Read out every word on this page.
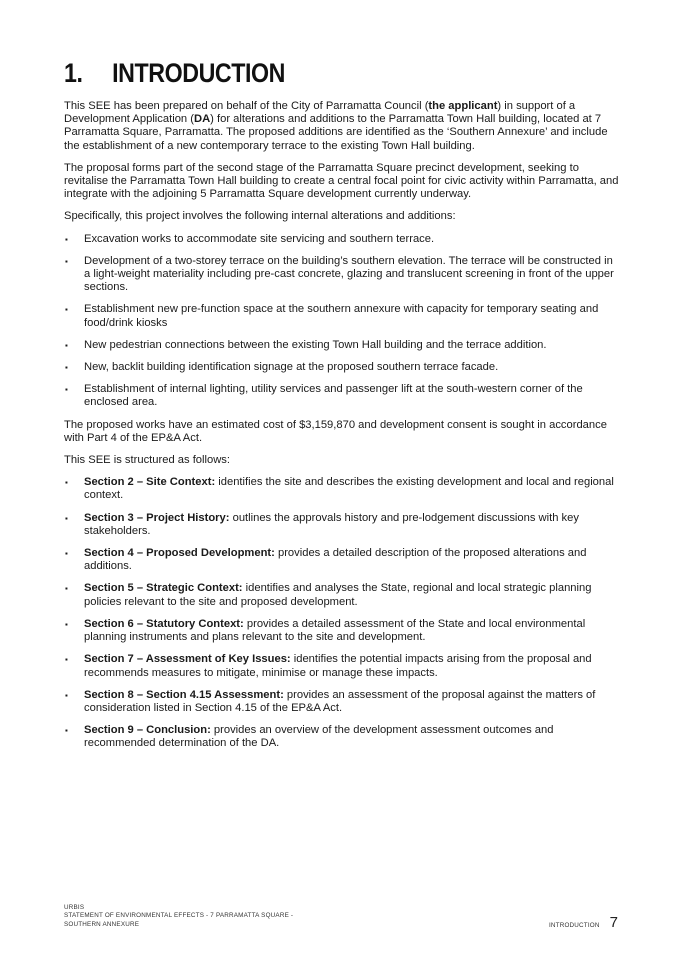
1. INTRODUCTION

This SEE has been prepared on behalf of the City of Parramatta Council (the applicant) in support of a Development Application (DA) for alterations and additions to the Parramatta Town Hall building, located at 7 Parramatta Square, Parramatta. The proposed additions are identified as the ‘Southern Annexure’ and include the establishment of a new contemporary terrace to the existing Town Hall building.

The proposal forms part of the second stage of the Parramatta Square precinct development, seeking to revitalise the Parramatta Town Hall building to create a central focal point for civic activity within Parramatta, and integrate with the adjoining 5 Parramatta Square development currently underway.

Specifically, this project involves the following internal alterations and additions:

▪ Excavation works to accommodate site servicing and southern terrace.
▪ Development of a two-storey terrace on the building’s southern elevation. The terrace will be constructed in a light-weight materiality including pre-cast concrete, glazing and translucent screening in front of the upper sections.
▪ Establishment new pre-function space at the southern annexure with capacity for temporary seating and food/drink kiosks
▪ New pedestrian connections between the existing Town Hall building and the terrace addition.
▪ New, backlit building identification signage at the proposed southern terrace facade.
▪ Establishment of internal lighting, utility services and passenger lift at the south-western corner of the enclosed area.

The proposed works have an estimated cost of $3,159,870 and development consent is sought in accordance with Part 4 of the EP&A Act.

This SEE is structured as follows:

▪ Section 2 – Site Context: identifies the site and describes the existing development and local and regional context.
▪ Section 3 – Project History: outlines the approvals history and pre-lodgement discussions with key stakeholders.
▪ Section 4 – Proposed Development: provides a detailed description of the proposed alterations and additions.
▪ Section 5 – Strategic Context: identifies and analyses the State, regional and local strategic planning policies relevant to the site and proposed development.
▪ Section 6 – Statutory Context: provides a detailed assessment of the State and local environmental planning instruments and plans relevant to the site and development.
▪ Section 7 – Assessment of Key Issues: identifies the potential impacts arising from the proposal and recommends measures to mitigate, minimise or manage these impacts.
▪ Section 8 – Section 4.15 Assessment: provides an assessment of the proposal against the matters of consideration listed in Section 4.15 of the EP&A Act.
▪ Section 9 – Conclusion: provides an overview of the development assessment outcomes and recommended determination of the DA.
URBIS
STATEMENT OF ENVIRONMENTAL EFFECTS - 7 PARRAMATTA SQUARE -
SOUTHERN ANNEXURE	INTRODUCTION 7
